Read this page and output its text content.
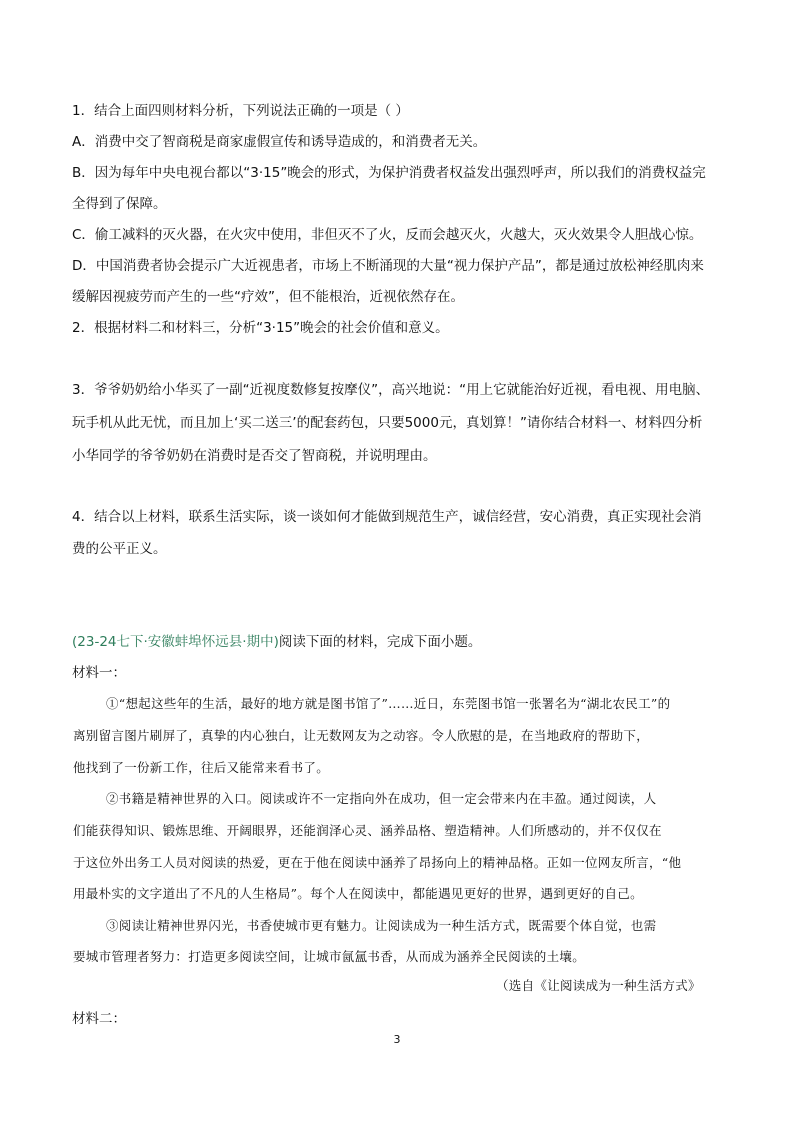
1．结合上面四则材料分析，下列说法正确的一项是（ ）
A．消费中交了智商税是商家虚假宣传和诱导造成的，和消费者无关。
B．因为每年中央电视台都以“3·15”晚会的形式，为保护消费者权益发出强烈呼声，所以我们的消费权益完
全得到了保障。
C．偷工减料的灭火器，在火灾中使用，非但灭不了火，反而会越灭火，火越大，灭火效果令人胆战心惊。
D．中国消费者协会提示广大近视患者，市场上不断涌现的大量“视力保护产品”，都是通过放松神经肌肉来
缓解因视疲劳而产生的一些“疗效”，但不能根治，近视依然存在。
2．根据材料二和材料三，分析“3·15”晚会的社会价值和意义。
3．爷爷奶奶给小华买了一副“近视度数修复按摩仪”，高兴地说：“用上它就能治好近视，看电视、用电脑、
玩手机从此无忧，而且加上‘买二送三’的配套药包，只要5000元，真划算！”请你结合材料一、材料四分析
小华同学的爷爷奶奶在消费时是否交了智商税，并说明理由。
4．结合以上材料，联系生活实际，谈一谈如何才能做到规范生产，诚信经营，安心消费，真正实现社会消
费的公平正义。
(23-24七下·安徽蚌埠怀远县·期中)阅读下面的材料，完成下面小题。
材料一：
①“想起这些年的生活，最好的地方就是图书馆了”……近日，东莞图书馆一张署名为“湖北农民工”的
离别留言图片刷屏了，真挚的内心独白，让无数网友为之动容。令人欣慰的是，在当地政府的帮助下，
他找到了一份新工作，往后又能常来看书了。
②书籍是精神世界的入口。阅读或许不一定指向外在成功，但一定会带来内在丰盈。通过阅读，人
们能获得知识、锻炼思维、开阔眼界，还能润泽心灵、涵养品格、塑造精神。人们所感动的，并不仅仅在
于这位外出务工人员对阅读的热爱，更在于他在阅读中涵养了昂扬向上的精神品格。正如一位网友所言，“他
用最朴实的文字道出了不凡的人生格局”。每个人在阅读中，都能遇见更好的世界，遇到更好的自己。
③阅读让精神世界闪光，书香使城市更有魅力。让阅读成为一种生活方式，既需要个体自觉，也需
要城市管理者努力：打造更多阅读空间，让城市氤氲书香，从而成为涵养全民阅读的土壤。
（选自《让阅读成为一种生活方式》
材料二：
3
